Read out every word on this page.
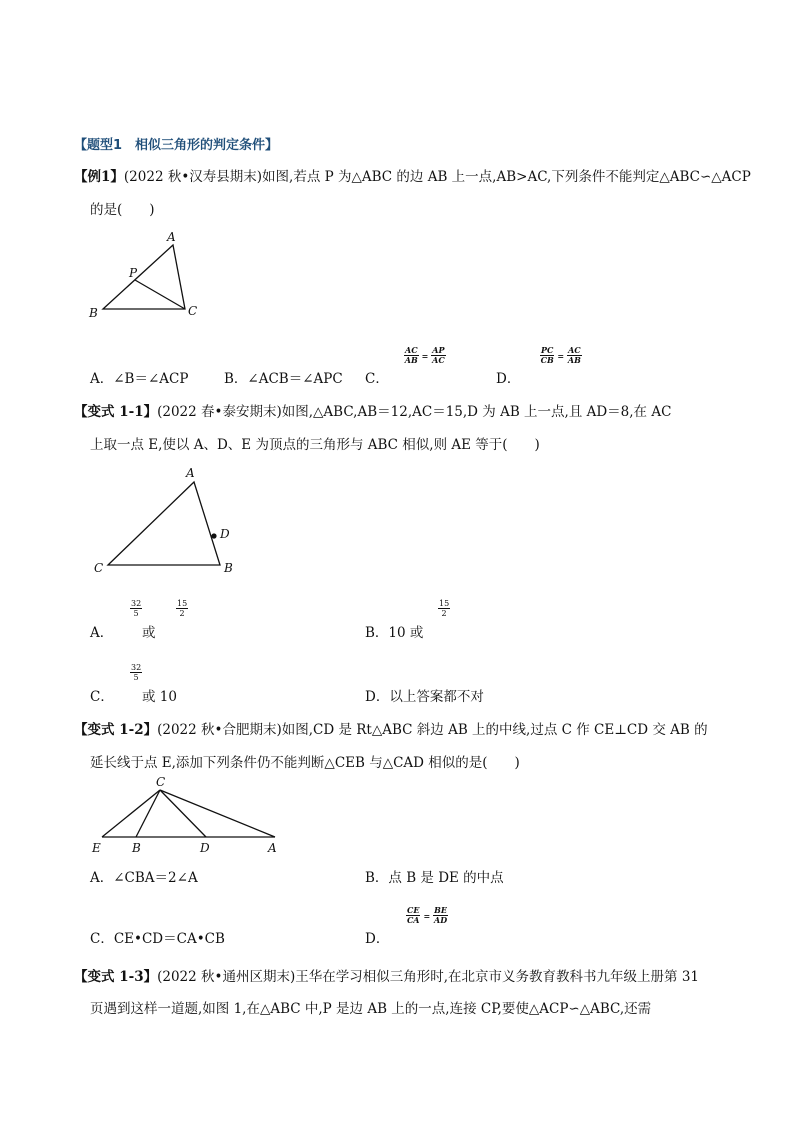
【题型1　相似三角形的判定条件】
【例1】(2022 秋•汉寿县期末)如图,若点 P 为△ABC 的边 AB 上一点,AB>AC,下列条件不能判定△ABC∽△ACP
的是(　　)
A
P
B	C
A．∠B＝∠ACP	B．∠ACB＝∠APC C．
$\frac{AC}{AB} = \frac{AP}{AC}$
D．
$\frac{PC}{CB} = \frac{AC}{AB}$
【变式 1-1】(2022 春•泰安期末)如图,△ABC,AB＝12,AC＝15,D 为 AB 上一点,且 AD＝8,在 AC
上取一点 E,使以 A、D、E 为顶点的三角形与 ABC 相似,则 AE 等于(　　)
A
D
C	B
A．
32
5
或
15
2
B．10 或
15
2
C．
32
5
或 10	D．以上答案都不对
【变式 1-2】(2022 秋•合肥期末)如图,CD 是 Rt△ABC 斜边 AB 上的中线,过点 C 作 CE⊥CD 交 AB 的
延长线于点 E,添加下列条件仍不能判断△CEB 与△CAD 相似的是(　　)
C
E	B	D	A
A．∠CBA＝2∠A	B．点 B 是 DE 的中点
C．CE•CD＝CA•CB	D．
$\frac{CE}{CA} = \frac{BE}{AD}$
【变式 1-3】(2022 秋•通州区期末)王华在学习相似三角形时,在北京市义务教育教科书九年级上册第 31
页遇到这样一道题,如图 1,在△ABC 中,P 是边 AB 上的一点,连接 CP,要使△ACP∽△ABC,还需
